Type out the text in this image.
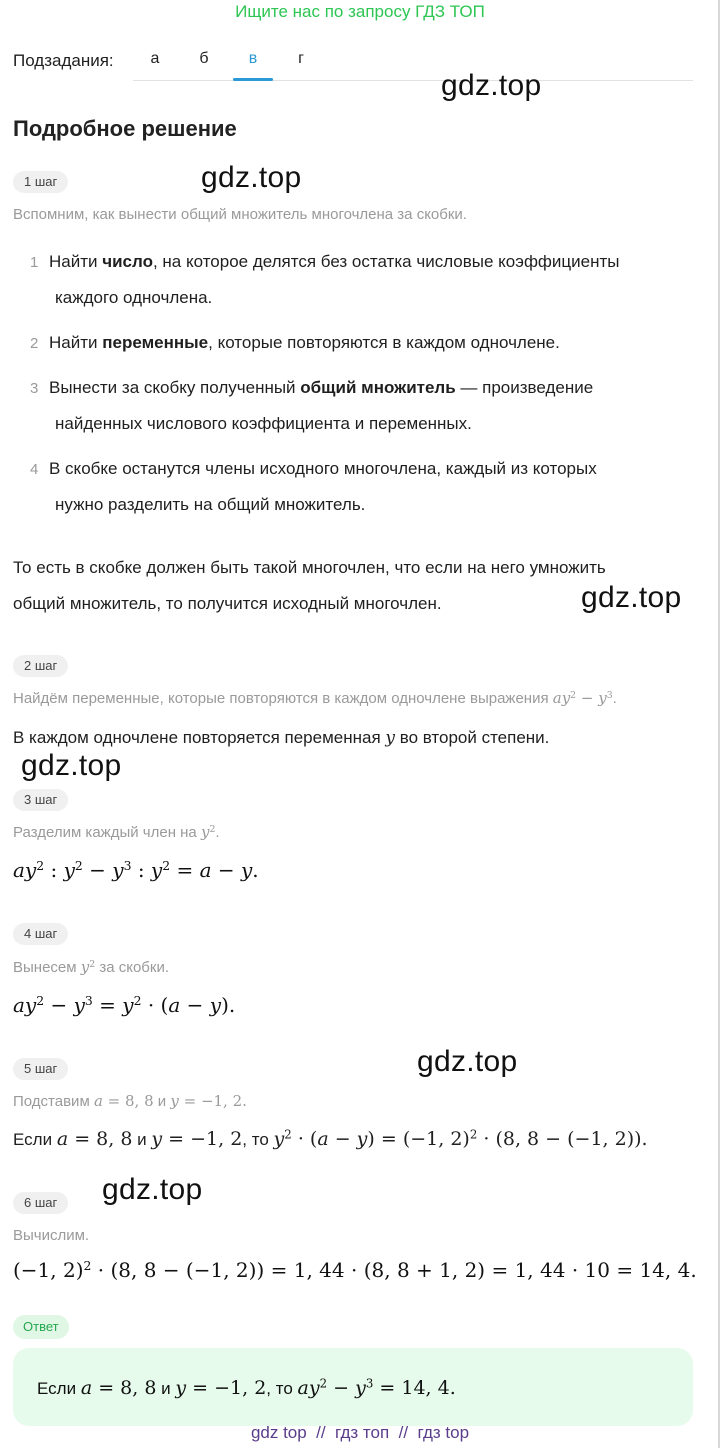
Ищите нас по запросу ГДЗ ТОП
Подзадания:	а	б	в	г
gdz.top
gdz.top
gdz.top
gdz.top
gdz.top
gdz.top
Подробное решение
1 шаг
Вспомним, как вынести общий множитель многочлена за скобки.
1 Найти число, на которое делятся без остатка числовые коэффициенты
каждого одночлена.
2 Найти переменные, которые повторяются в каждом одночлене.
3 Вынести за скобку полученный общий множитель — произведение
найденных числового коэффициента и переменных.
4 В скобке останутся члены исходного многочлена, каждый из которых
нужно разделить на общий множитель.
То есть в скобке должен быть такой многочлен, что если на него умножить
общий множитель, то получится исходный многочлен.
2 шаг
Найдём переменные, которые повторяются в каждом одночлене выражения $ay^2 - y^3$.
В каждом одночлене повторяется переменная y во второй степени.
3 шаг
Разделим каждый член на $y^2$.
$ay^2$ : $y^2 - y^3$ : $y^2 = a - y$.
4 шаг
Вынесем $y^2$ за скобки.
$ay^2 - y^3 = y^2 \cdot (a - y)$.
5 шаг
Подставим a = 8, 8 и y = −1, 2.
Если a = 8, 8 и y = −1, 2, то $y^2 \cdot (a - y) = (-1$, 2)$^2$ · (8, 8 − (−1, 2)).
6 шаг
Вычислим.
(−1, 2)$^2$ · (8, 8 − (−1, 2)) = 1, 44 · (8, 8 + 1, 2) = 1, 44 · 10 = 14, 4.
Ответ
Если a = 8, 8 и y = −1, 2, то $ay^2 - y^3 = 14$, 4.
gdz top  //  гдз топ  //  гдз top
